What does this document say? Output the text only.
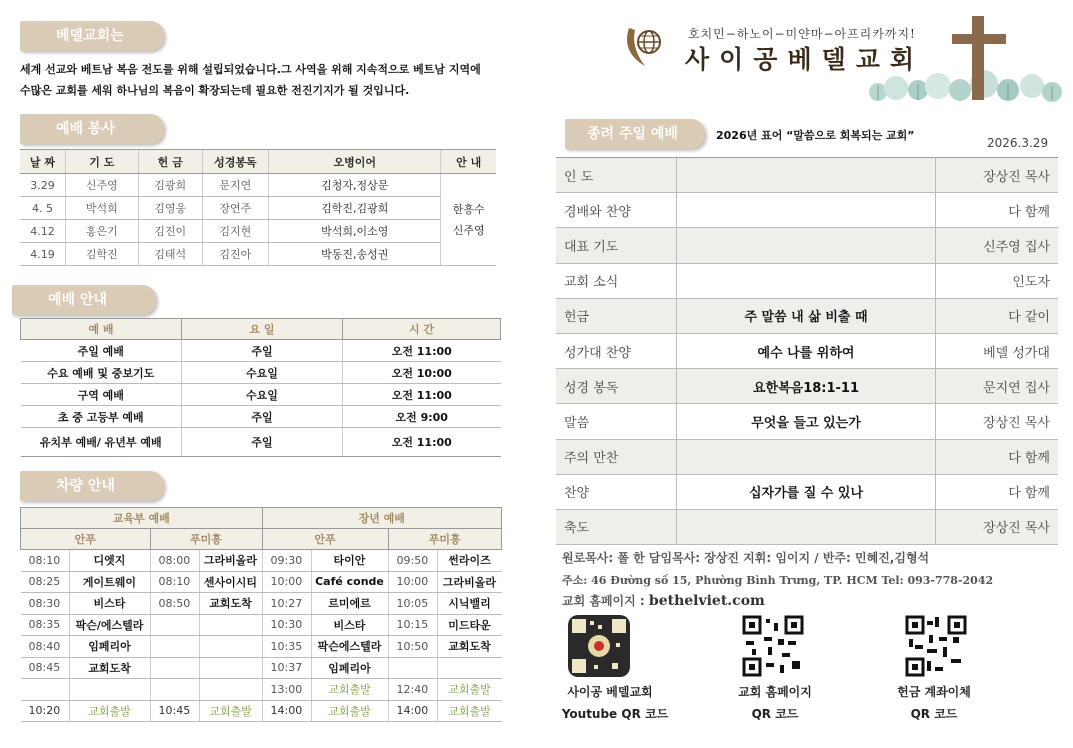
베델교회는
세계 선교와 베트남 복음 전도를 위해 설립되었습니다.그 사역을 위해 지속적으로 베트남 지역에
수많은 교회를 세워 하나님의 복음이 확장되는데 필요한 전진기지가 될 것입니다.
예배 봉사
날 짜	기 도	헌 금	성경봉독	오병이어	안 내
3.29	신주영	김광희	문지연	김청자,정상문	한흥수
신주영
4. 5	박석희	김영웅	장연주	김학진,김광희	
4.12	홍은기	김진이	김지현	박석희,이소영	
4.19	김학진	김태석	김진아	박동진,송성권	
예배 안내
예 배	요 일	시 간
주일 예배	주일	오전 11:00
수요 예배 및 중보기도	수요일	오전 10:00
구역 예배	수요일	오전 11:00
초 중 고등부 예배	주일	오전 9:00
유치부 예배/ 유년부 예배	주일	오전 11:00
차량 안내
교육부 예배				장년 예배			
안푸		푸미흥		안푸		푸미흥	
08:10	디엣지	08:00	그라비올라	09:30	타이안	09:50	썬라이즈
08:25	게이트웨이	08:10	센사이시티	10:00	Café conde	10:00	그라비올라
08:30	비스타	08:50	교회도착	10:27	르미에르	10:05	시닉밸리
08:35	팍슨/에스텔라			10:30	비스타	10:15	미드타운
08:40	임페리아			10:35	팍슨에스텔라	10:50	교회도착
08:45	교회도착			10:37	임페리아		
				13:00	교회출발	12:40	교회출발
10:20	교회출발	10:45	교회출발	14:00	교회출발	14:00	교회출발
호치민−하노이−미얀마−아프리카까지!
사이공베델교회
종려 주일 예배	2026년 표어 “말씀으로 회복되는 교회”
2026.3.29
인 도		장상진 목사
경배와 찬양		다 함께
대표 기도		신주영 집사
교회 소식		인도자
헌금	주 말씀 내 삶 비출 때	다 같이
성가대 찬양	예수 나를 위하여	베델 성가대
성경 봉독	요한복음18:1-11	문지연 집사
말씀	무엇을 들고 있는가	장상진 목사
주의 만찬		다 함께
찬양	십자가를 질 수 있나	다 함께
축도		장상진 목사
원로목사: 폴 한 담임목사: 장상진 지휘: 임이지 / 반주: 민혜진,김형석
주소: 46 Đường số 15, Phường Bình Trưng, TP. HCM Tel: 093-778-2042
교회 홈페이지 : bethelviet.com
사이공 베델교회
Youtube QR 코드
교회 홈페이지
QR 코드
헌금 계좌이체
QR 코드
